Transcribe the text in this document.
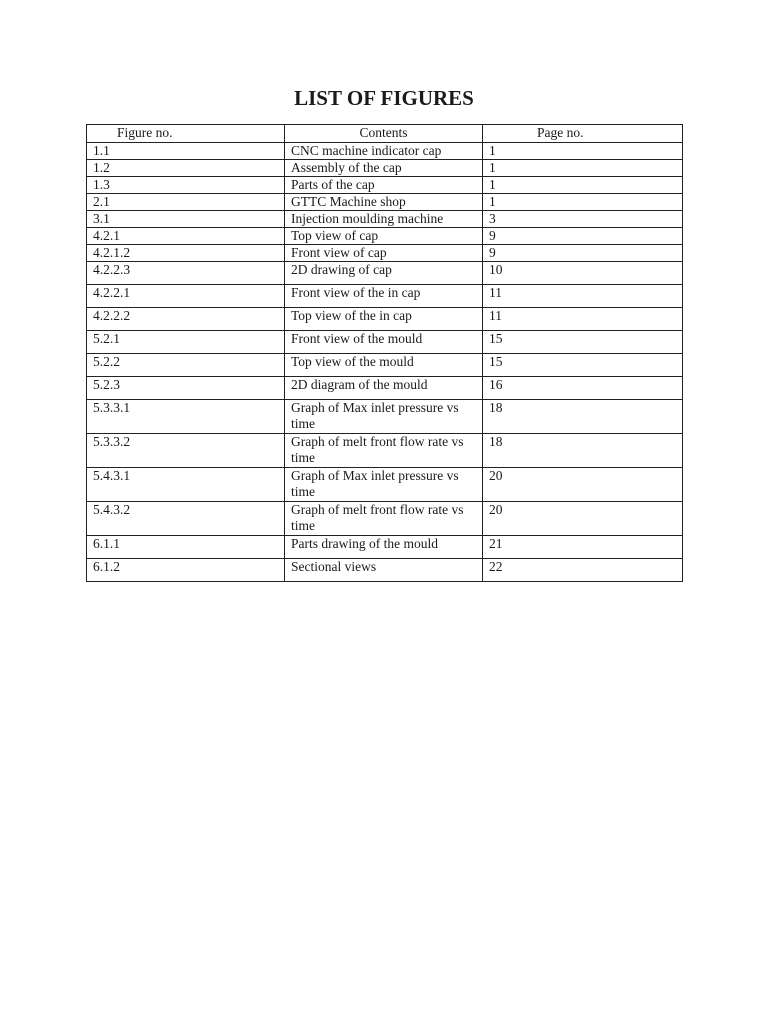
LIST OF FIGURES
Figure no.	Contents	Page no.
1.1	CNC machine indicator cap	1
1.2	Assembly of the cap	1
1.3	Parts of the cap	1
2.1	GTTC Machine shop	1
3.1	Injection moulding machine	3
4.2.1	Top view of cap	9
4.2.1.2	Front view of cap	9
4.2.2.3	2D drawing of cap	10
4.2.2.1	Front view of the in cap	11
4.2.2.2	Top view of the in cap	11
5.2.1	Front view of the mould	15
5.2.2	Top view of the mould	15
5.2.3	2D diagram of the mould	16
5.3.3.1	Graph of Max inlet pressure vs time	18
5.3.3.2	Graph of melt front flow rate vs time	18
5.4.3.1	Graph of Max inlet pressure vs time	20
5.4.3.2	Graph of melt front flow rate vs time	20
6.1.1	Parts drawing of the mould	21
6.1.2	Sectional views	22
